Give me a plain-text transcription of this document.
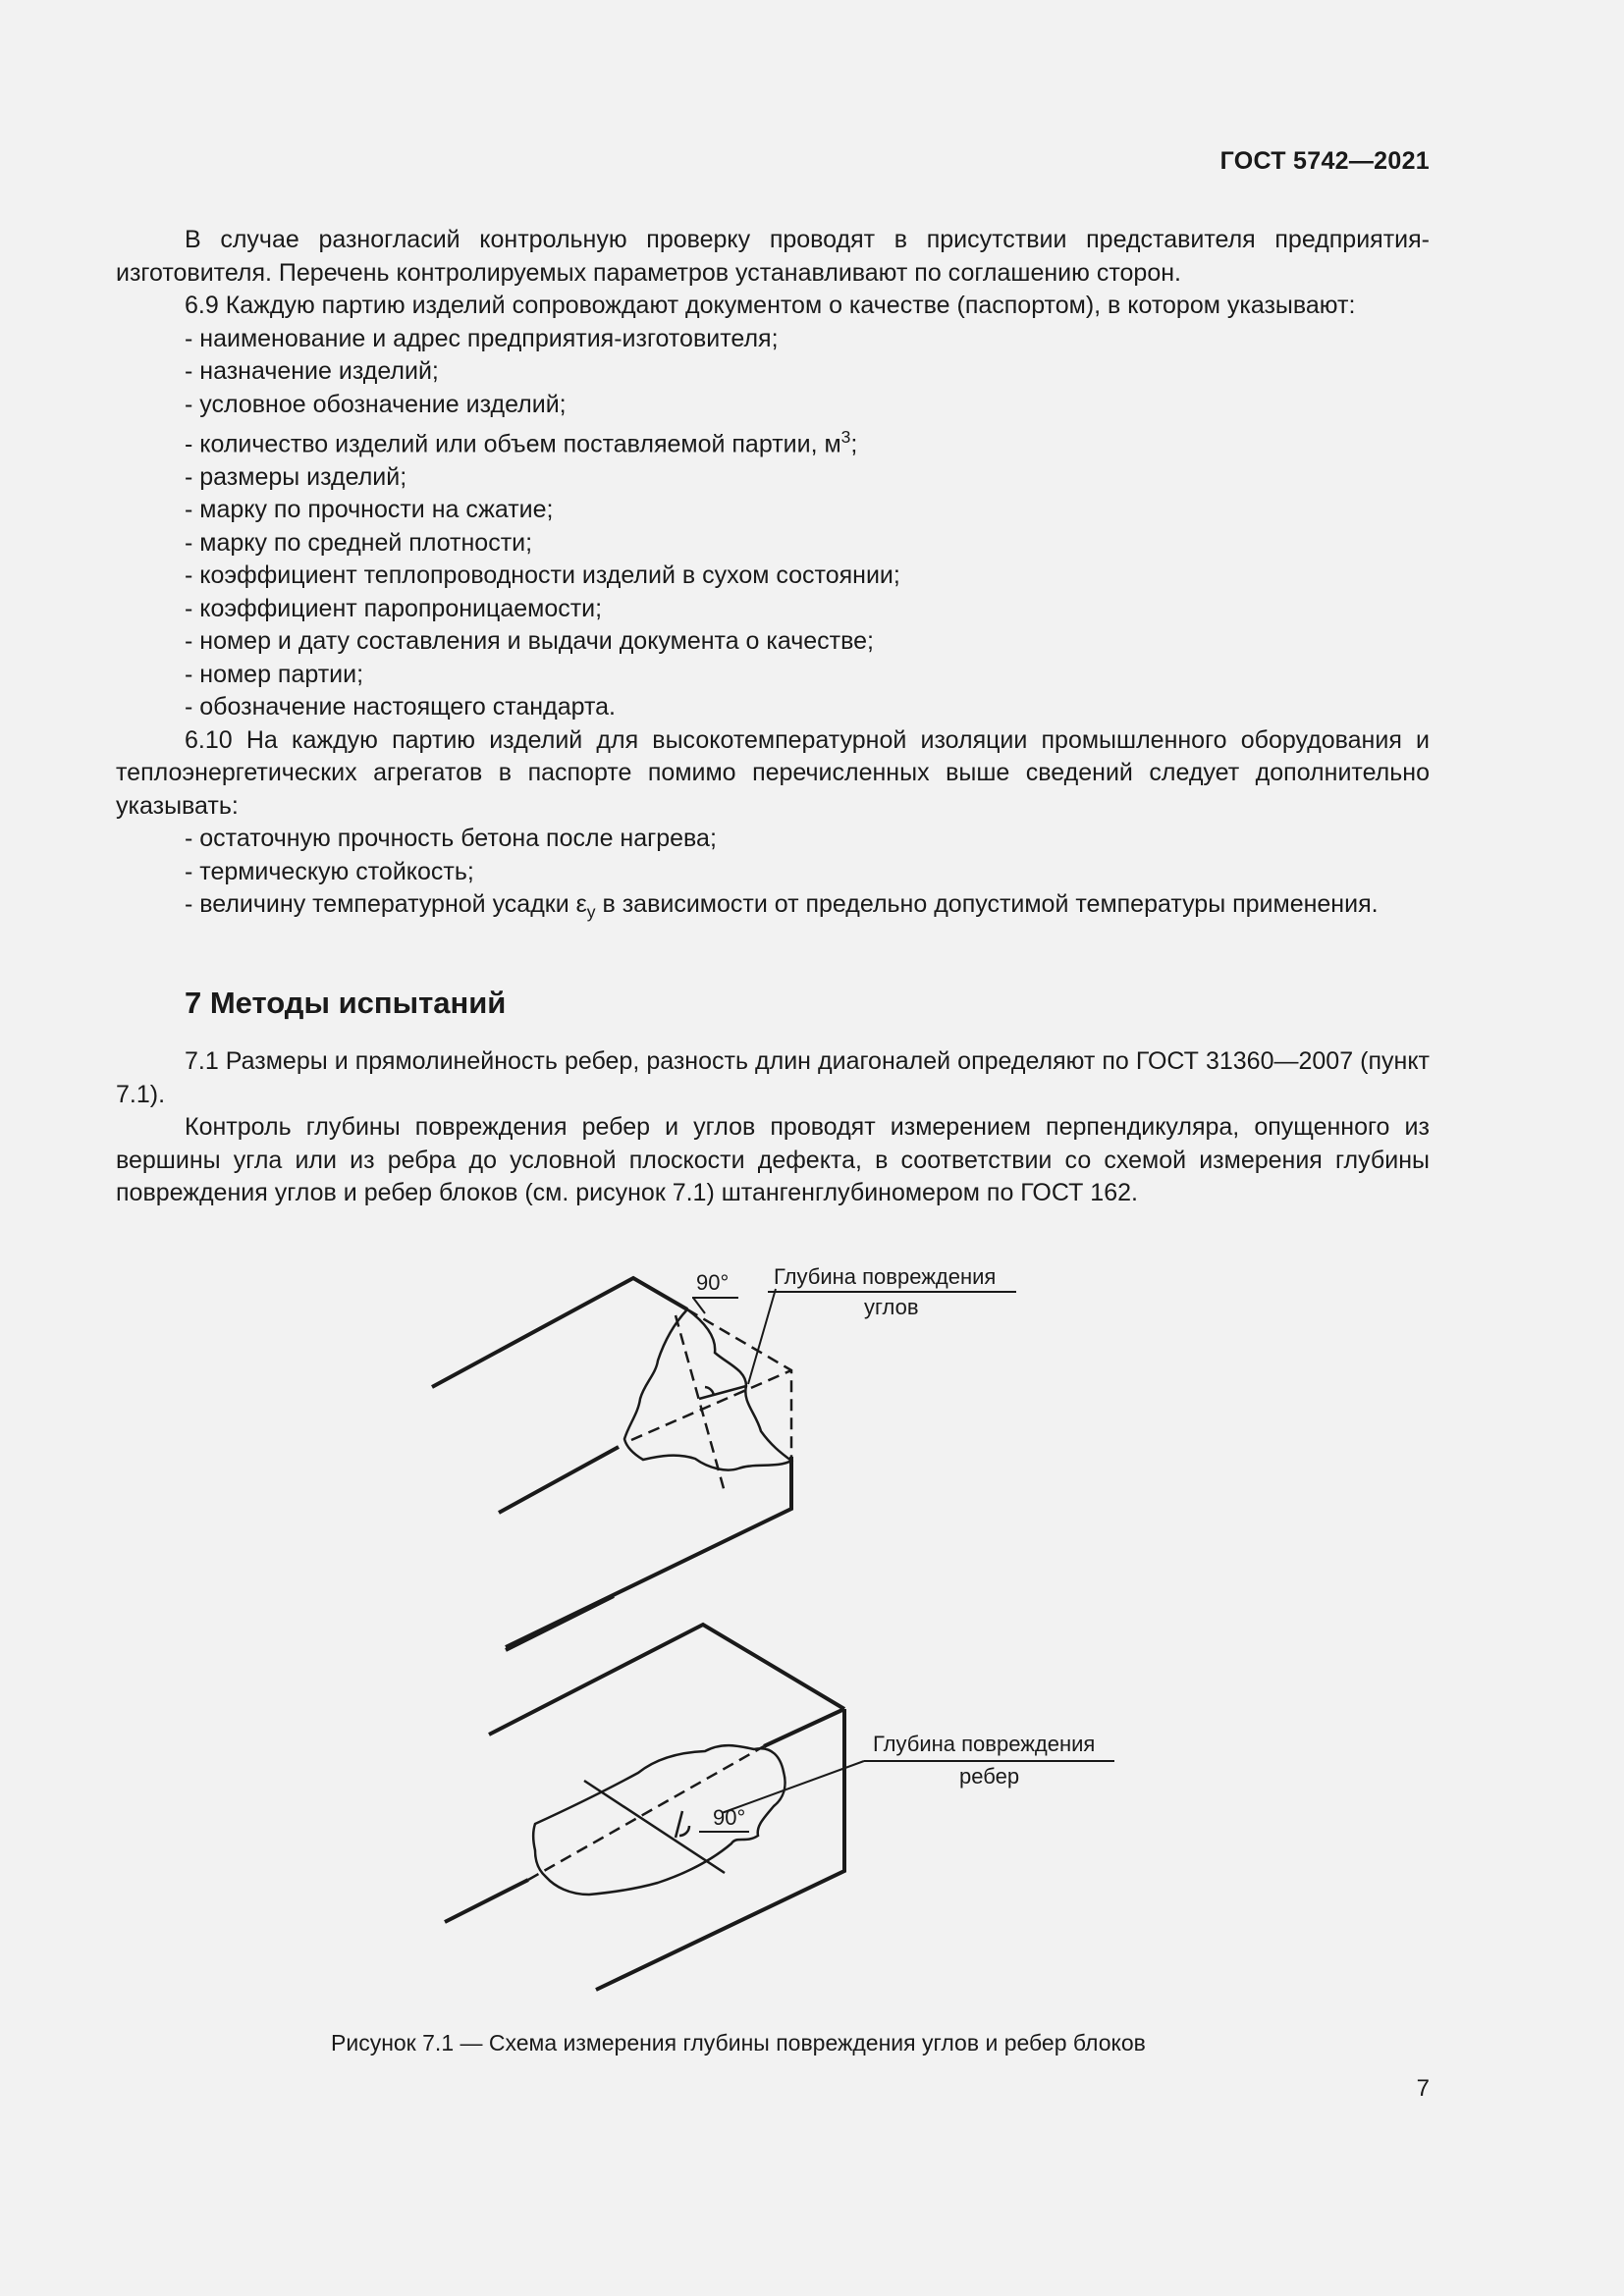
ГОСТ 5742—2021

В случае разногласий контрольную проверку проводят в присутствии представителя предприятия-изготовителя. Перечень контролируемых параметров устанавливают по соглашению сторон.

6.9 Каждую партию изделий сопровождают документом о качестве (паспортом), в котором указывают:

- наименование и адрес предприятия-изготовителя;

- назначение изделий;

- условное обозначение изделий;

- количество изделий или объем поставляемой партии, $м^3$;

- размеры изделий;

- марку по прочности на сжатие;

- марку по средней плотности;

- коэффициент теплопроводности изделий в сухом состоянии;

- коэффициент паропроницаемости;

- номер и дату составления и выдачи документа о качестве;

- номер партии;

- обозначение настоящего стандарта.

6.10 На каждую партию изделий для высокотемпературной изоляции промышленного оборудования и теплоэнергетических агрегатов в паспорте помимо перечисленных выше сведений следует дополнительно указывать:

- остаточную прочность бетона после нагрева;

- термическую стойкость;

- величину температурной усадки $\varepsilon_у$ в зависимости от предельно допустимой температуры применения.

7 Методы испытаний

7.1 Размеры и прямолинейность ребер, разность длин диагоналей определяют по ГОСТ 31360—2007 (пункт 7.1).

Контроль глубины повреждения ребер и углов проводят измерением перпендикуляра, опущенного из вершины угла или из ребра до условной плоскости дефекта, в соответствии со схемой измерения глубины повреждения углов и ребер блоков (см. рисунок 7.1) штангенглубиномером по ГОСТ 162.

90° Глубина повреждения
углов
90°
Глубина повреждения
ребер
Рисунок 7.1 — Схема измерения глубины повреждения углов и ребер блоков
7
